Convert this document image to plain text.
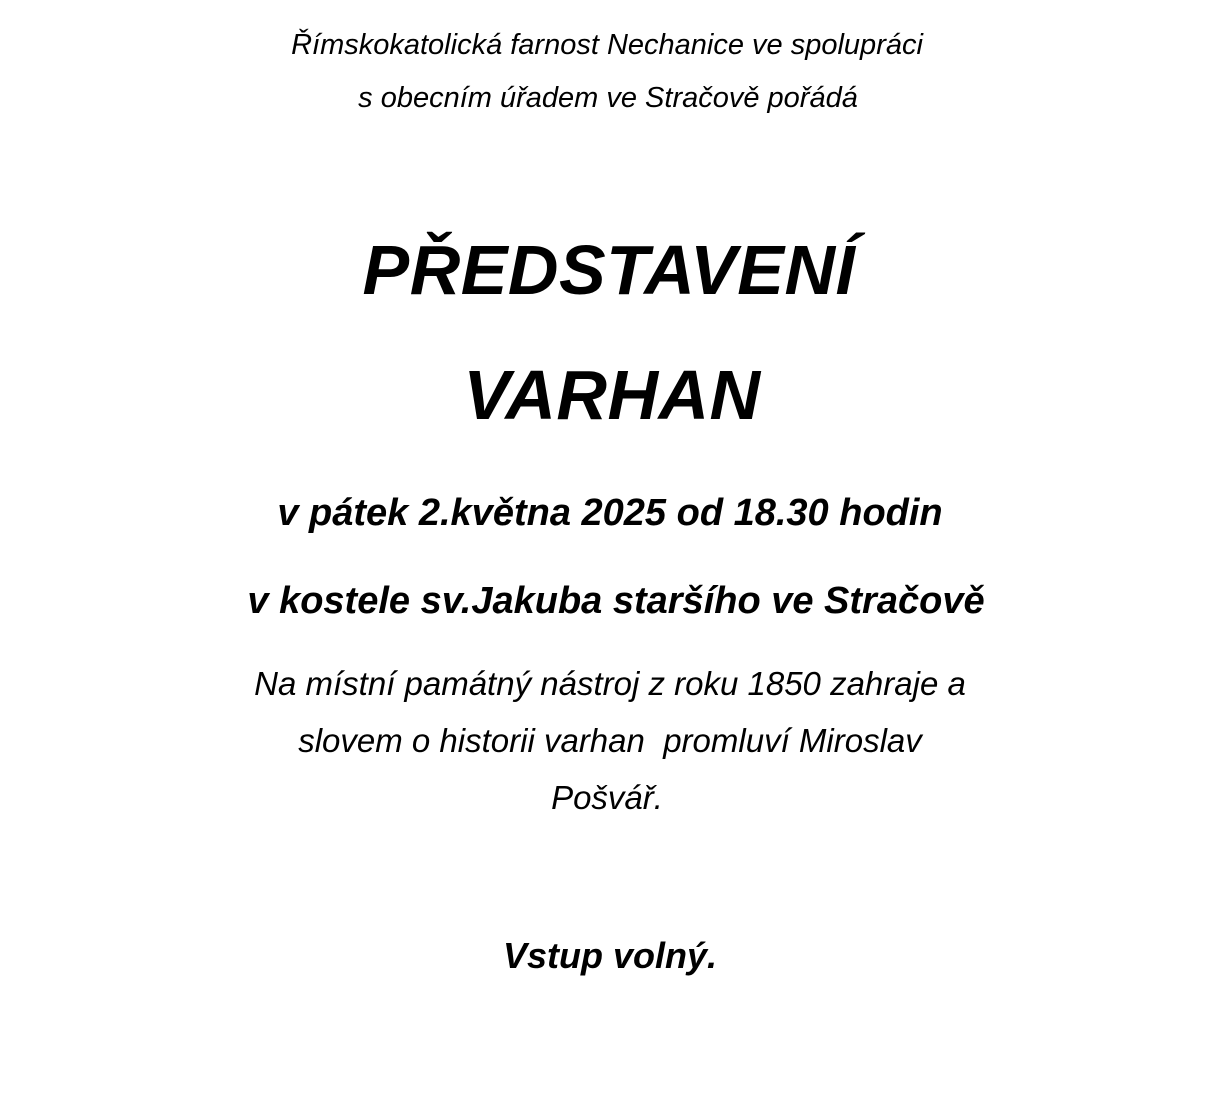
Římskokatolická farnost Nechanice ve spolupráci
s obecním úřadem ve Stračově pořádá
PŘEDSTAVENÍ
VARHAN
v pátek 2.května 2025 od 18.30 hodin
v kostele sv.Jakuba staršího ve Stračově
Na místní památný nástroj z roku 1850 zahraje a
slovem o historii varhan  promluví Miroslav
Pošvář.
Vstup volný.
